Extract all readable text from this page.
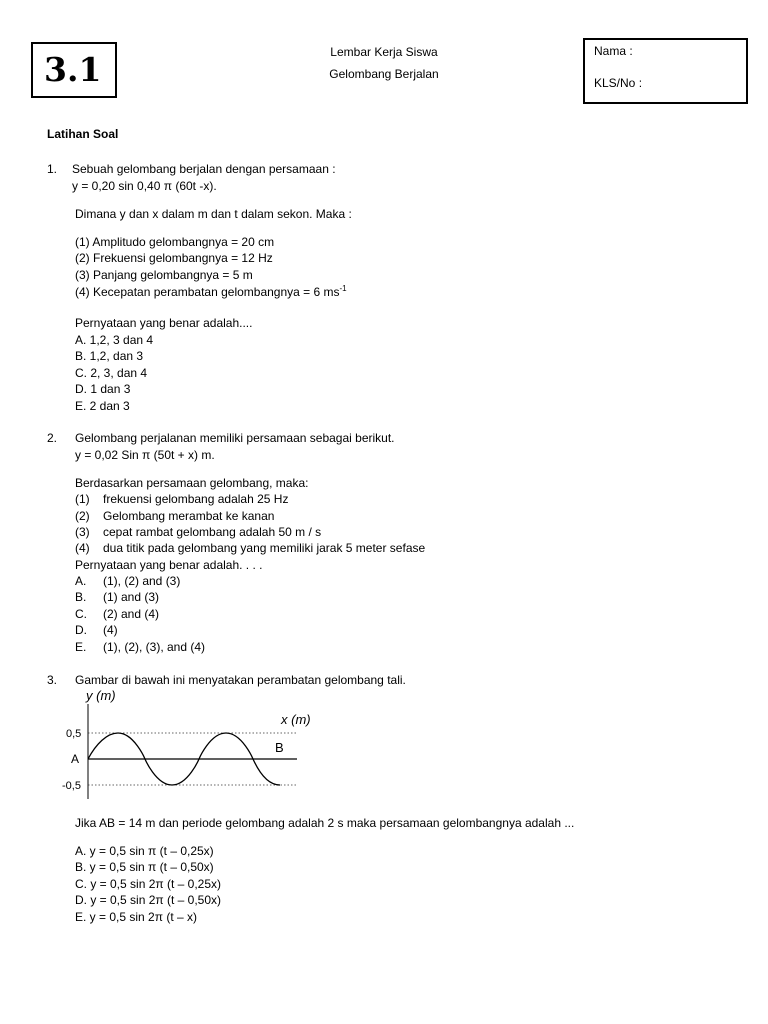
3.1	Lembar Kerja Siswa
Gelombang Berjalan
Nama :
KLS/No :
Latihan Soal
1. Sebuah gelombang berjalan dengan persamaan :
y = 0,20 sin 0,40 π (60t -x).
Dimana y dan x dalam m dan t dalam sekon. Maka :
(1) Amplitudo gelombangnya = 20 cm
(2) Frekuensi gelombangnya = 12 Hz
(3) Panjang gelombangnya = 5 m
(4) Kecepatan perambatan gelombangnya = 6 $ms^{-1}$
Pernyataan yang benar adalah....
A. 1,2, 3 dan 4
B. 1,2, dan 3
C. 2, 3, dan 4
D. 1 dan 3
E. 2 dan 3
2. Gelombang perjalanan memiliki persamaan sebagai berikut.
y = 0,02 Sin π (50t + x) m.
Berdasarkan persamaan gelombang, maka:
(1) frekuensi gelombang adalah 25 Hz
(2) Gelombang merambat ke kanan
(3) cepat rambat gelombang adalah 50 m / s
(4) dua titik pada gelombang yang memiliki jarak 5 meter sefase
Pernyataan yang benar adalah. . . .
A. (1), (2) and (3)
B. (1) and (3)
C. (2) and (4)
D. (4)
E. (1), (2), (3), and (4)
3. Gambar di bawah ini menyatakan perambatan gelombang tali.
y (m)
x (m)
0,5
A
-0,5
B
Jika AB = 14 m dan periode gelombang adalah 2 s maka persamaan gelombangnya adalah ...
A. y = 0,5 sin π (t – 0,25x)
B. y = 0,5 sin π (t – 0,50x)
C. y = 0,5 sin 2π (t – 0,25x)
D. y = 0,5 sin 2π (t – 0,50x)
E. y = 0,5 sin 2π (t – x)
